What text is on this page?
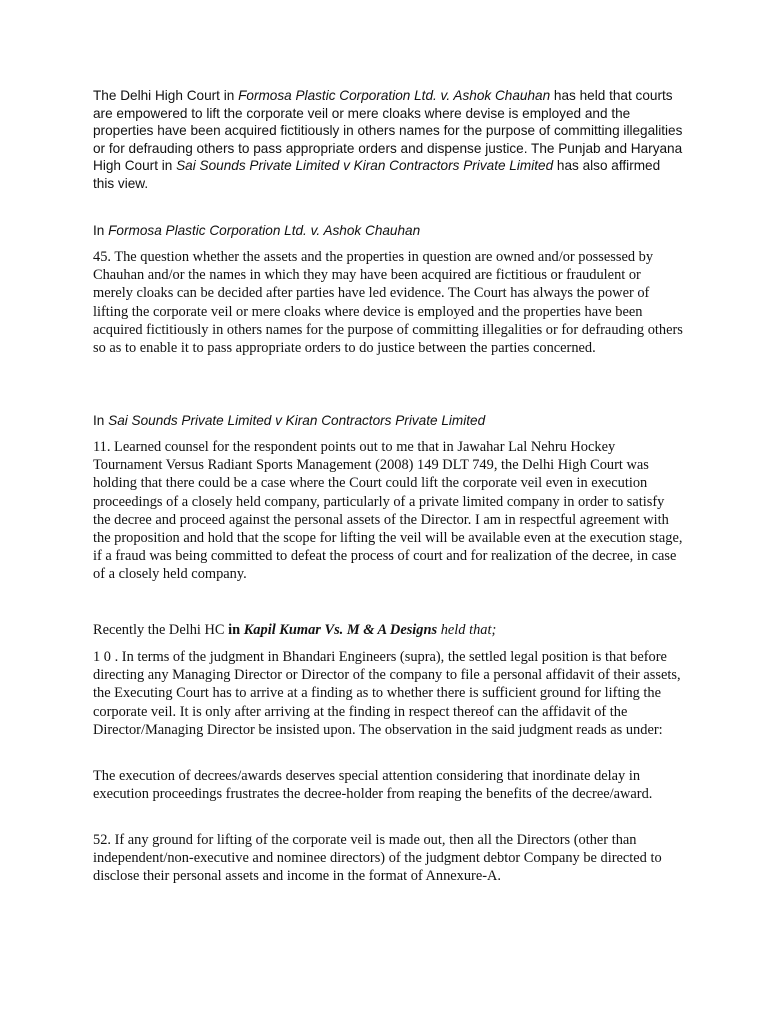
The Delhi High Court in Formosa Plastic Corporation Ltd. v. Ashok Chauhan has held that courts are empowered to lift the corporate veil or mere cloaks where devise is employed and the properties have been acquired fictitiously in others names for the purpose of committing illegalities or for defrauding others to pass appropriate orders and dispense justice. The Punjab and Haryana High Court in Sai Sounds Private Limited v Kiran Contractors Private Limited has also affirmed this view.

In Formosa Plastic Corporation Ltd. v. Ashok Chauhan

45. The question whether the assets and the properties in question are owned and/or possessed by Chauhan and/or the names in which they may have been acquired are fictitious or fraudulent or merely cloaks can be decided after parties have led evidence. The Court has always the power of lifting the corporate veil or mere cloaks where device is employed and the properties have been acquired fictitiously in others names for the purpose of committing illegalities or for defrauding others so as to enable it to pass appropriate orders to do justice between the parties concerned.

In Sai Sounds Private Limited v Kiran Contractors Private Limited

11. Learned counsel for the respondent points out to me that in Jawahar Lal Nehru Hockey Tournament Versus Radiant Sports Management (2008) 149 DLT 749, the Delhi High Court was holding that there could be a case where the Court could lift the corporate veil even in execution proceedings of a closely held company, particularly of a private limited company in order to satisfy the decree and proceed against the personal assets of the Director. I am in respectful agreement with the proposition and hold that the scope for lifting the veil will be available even at the execution stage, if a fraud was being committed to defeat the process of court and for realization of the decree, in case of a closely held company.

Recently the Delhi HC in Kapil Kumar Vs. M & A Designs held that;

1 0 . In terms of the judgment in Bhandari Engineers (supra), the settled legal position is that before directing any Managing Director or Director of the company to file a personal affidavit of their assets, the Executing Court has to arrive at a finding as to whether there is sufficient ground for lifting the corporate veil. It is only after arriving at the finding in respect thereof can the affidavit of the Director/Managing Director be insisted upon. The observation in the said judgment reads as under:

The execution of decrees/awards deserves special attention considering that inordinate delay in execution proceedings frustrates the decree-holder from reaping the benefits of the decree/award.

52. If any ground for lifting of the corporate veil is made out, then all the Directors (other than independent/non-executive and nominee directors) of the judgment debtor Company be directed to disclose their personal assets and income in the format of Annexure-A.
